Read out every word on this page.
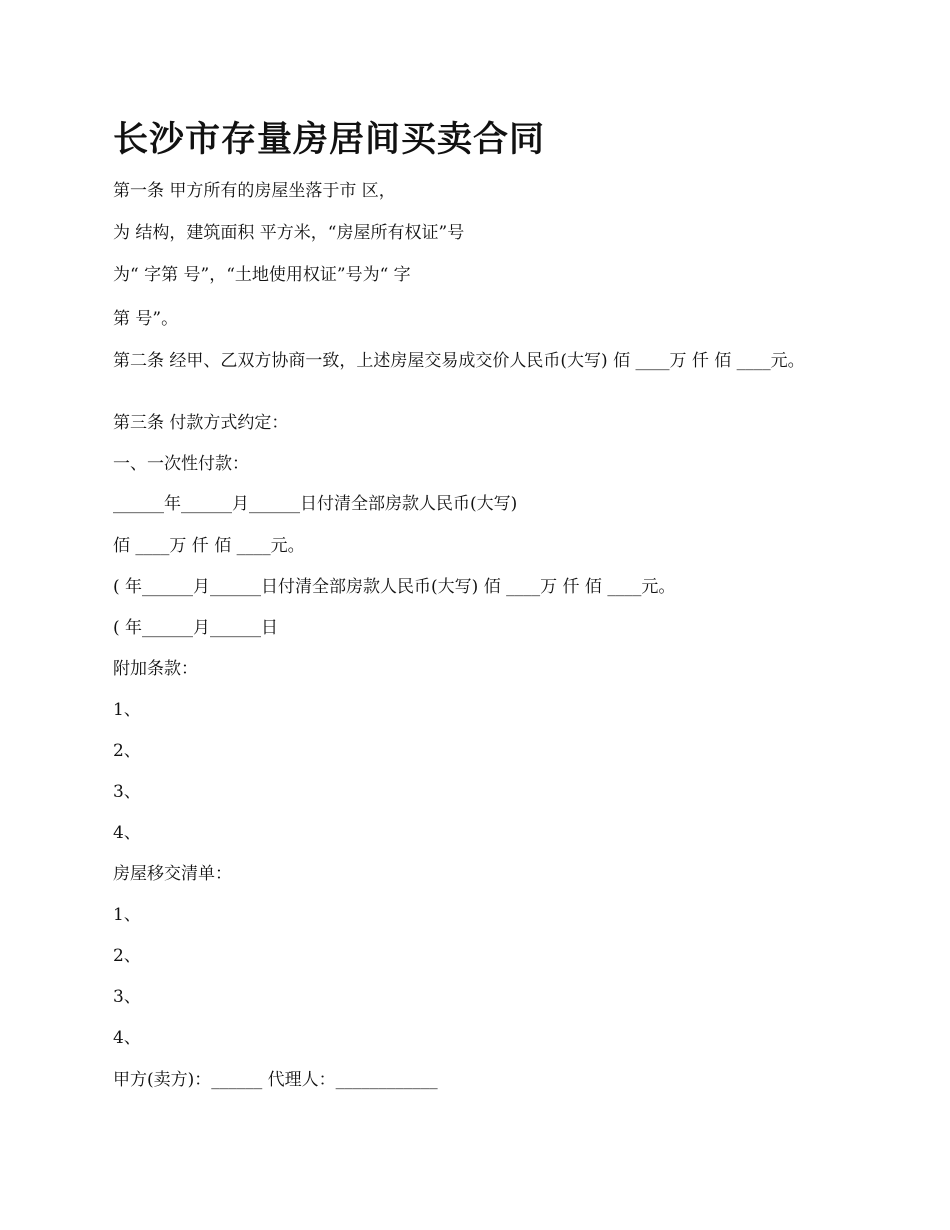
长沙市存量房居间买卖合同

第一条 甲方所有的房屋坐落于市 区，

为 结构，建筑面积 平方米，“房屋所有权证”号

为“ 字第 号”，“土地使用权证”号为“ 字

第 号”。

第二条 经甲、乙双方协商一致，上述房屋交易成交价人民币(大写) 佰 ____万 仟 佰 ____元。

第三条 付款方式约定：

一、一次性付款：

______年______月______日付清全部房款人民币(大写)

佰 ____万 仟 佰 ____元。

( 年______月______日付清全部房款人民币(大写) 佰 ____万 仟 佰 ____元。

( 年______月______日

附加条款：

1、

2、

3、

4、

房屋移交清单：

1、

2、

3、

4、

甲方(卖方)：______ 代理人：____________
